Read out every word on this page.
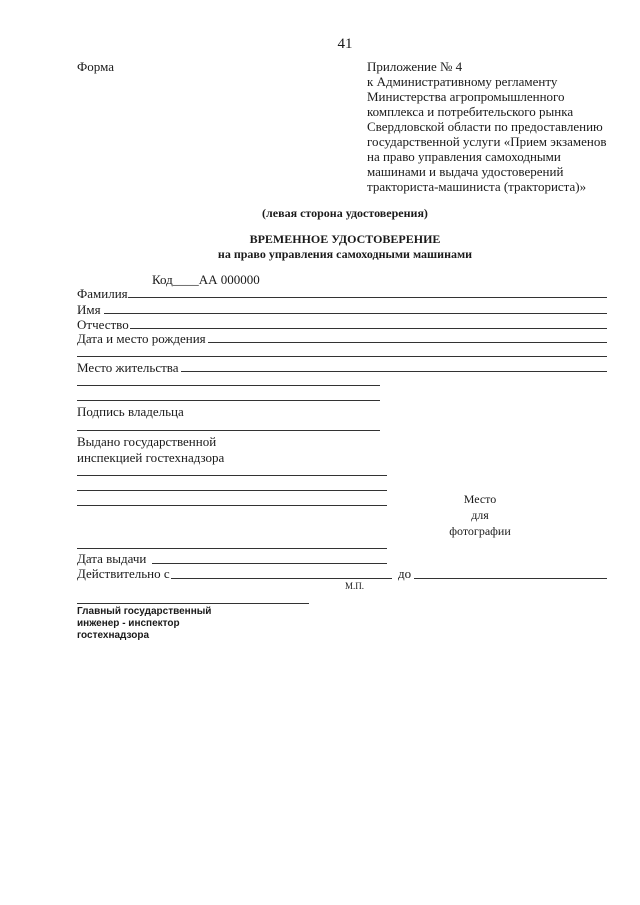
41
Форма	Приложение № 4
к Административному регламенту
Министерства агропромышленного
комплекса и потребительского рынка
Свердловской области по предоставлению
государственной услуги «Прием экзаменов
на право управления самоходными
машинами и выдача удостоверений
тракториста-машиниста (тракториста)»
(левая сторона удостоверения)
ВРЕМЕННОЕ УДОСТОВЕРЕНИЕ
на право управления самоходными машинами
Код____АА 000000
Фамилия
Имя
Отчество
Дата и место рождения
Место жительства
Подпись владельца
Выдано государственной
инспекцией гостехнадзора
Место
для
фотографии
Дата выдачи
Действительно с	до
М.П.
Главный государственный
инженер - инспектор
гостехнадзора
